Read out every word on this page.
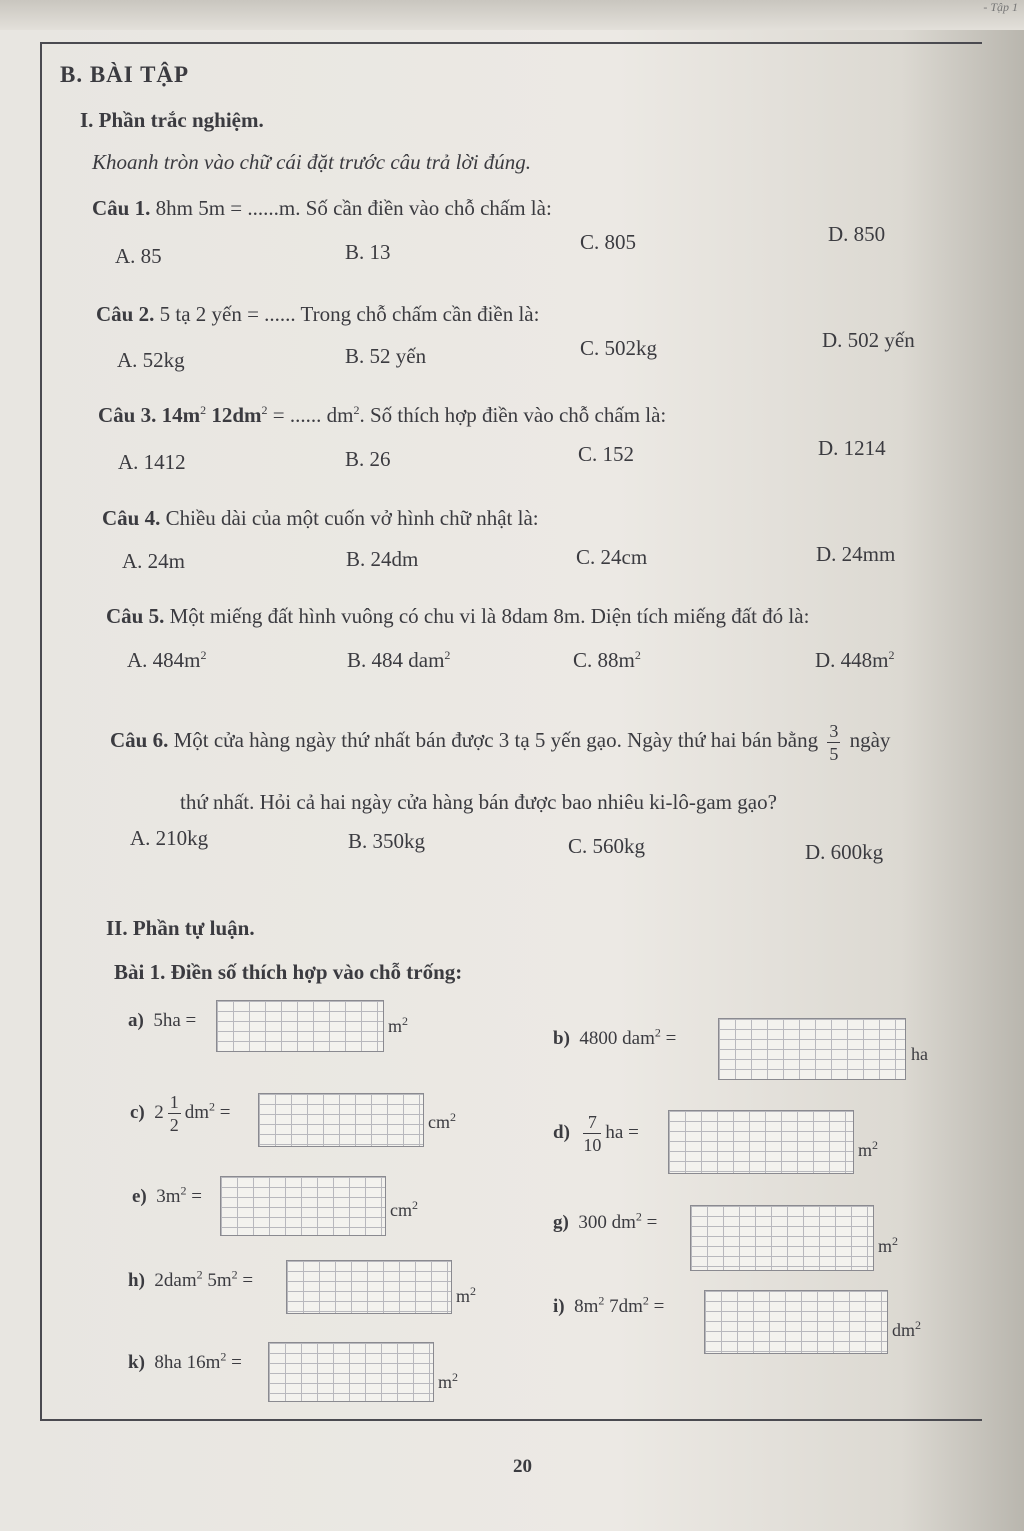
- Tập 1
B. BÀI TẬP
I. Phần trắc nghiệm.
Khoanh tròn vào chữ cái đặt trước câu trả lời đúng.
Câu 1. 8hm 5m = ......m. Số cần điền vào chỗ chấm là:
A. 85	B. 13	C. 805	D. 850
Câu 2. 5 tạ 2 yến = ...... Trong chỗ chấm cần điền là:
A. 52kg	B. 52 yến	C. 502kg	D. 502 yến
Câu 3. $14m^2$ $12dm^2$ = ...... $dm^2$. Số thích hợp điền vào chỗ chấm là:
A. 1412	B. 26	C. 152	D. 1214
Câu 4. Chiều dài của một cuốn vở hình chữ nhật là:
A. 24m	B. 24dm	C. 24cm	D. 24mm
Câu 5. Một miếng đất hình vuông có chu vi là 8dam 8m. Diện tích miếng đất đó là:
A. $484m^2$	B. 484 dam$^2$	C. $88m^2$	D. $448m^2$
Câu 6. Một cửa hàng ngày thứ nhất bán được 3 tạ 5 yến gạo. Ngày thứ hai bán bằng $\frac{3}{5}$ ngày
thứ nhất. Hỏi cả hai ngày cửa hàng bán được bao nhiêu ki-lô-gam gạo?
A. 210kg	B. 350kg	C. 560kg	D. 600kg
II. Phần tự luận.
Bài 1. Điền số thích hợp vào chỗ trống:
a) 5ha =	$m^2$
b) 4800 dam$^2$ =
ha
c) $2 \frac{1}{2} dm^2$ =	$cm^2$
$d) \frac{7}{10}$ ha =
$m^2$
e) $3m^2$ =
$cm^2$
g) 300 $dm^2$ =
$m^2$
h) 2dam$^2$ $5m^2$ =
$m^2$
i) $8m^2$ $7dm^2$ =
$dm^2$
k) 8ha $16m^2$ =
$m^2$
20
